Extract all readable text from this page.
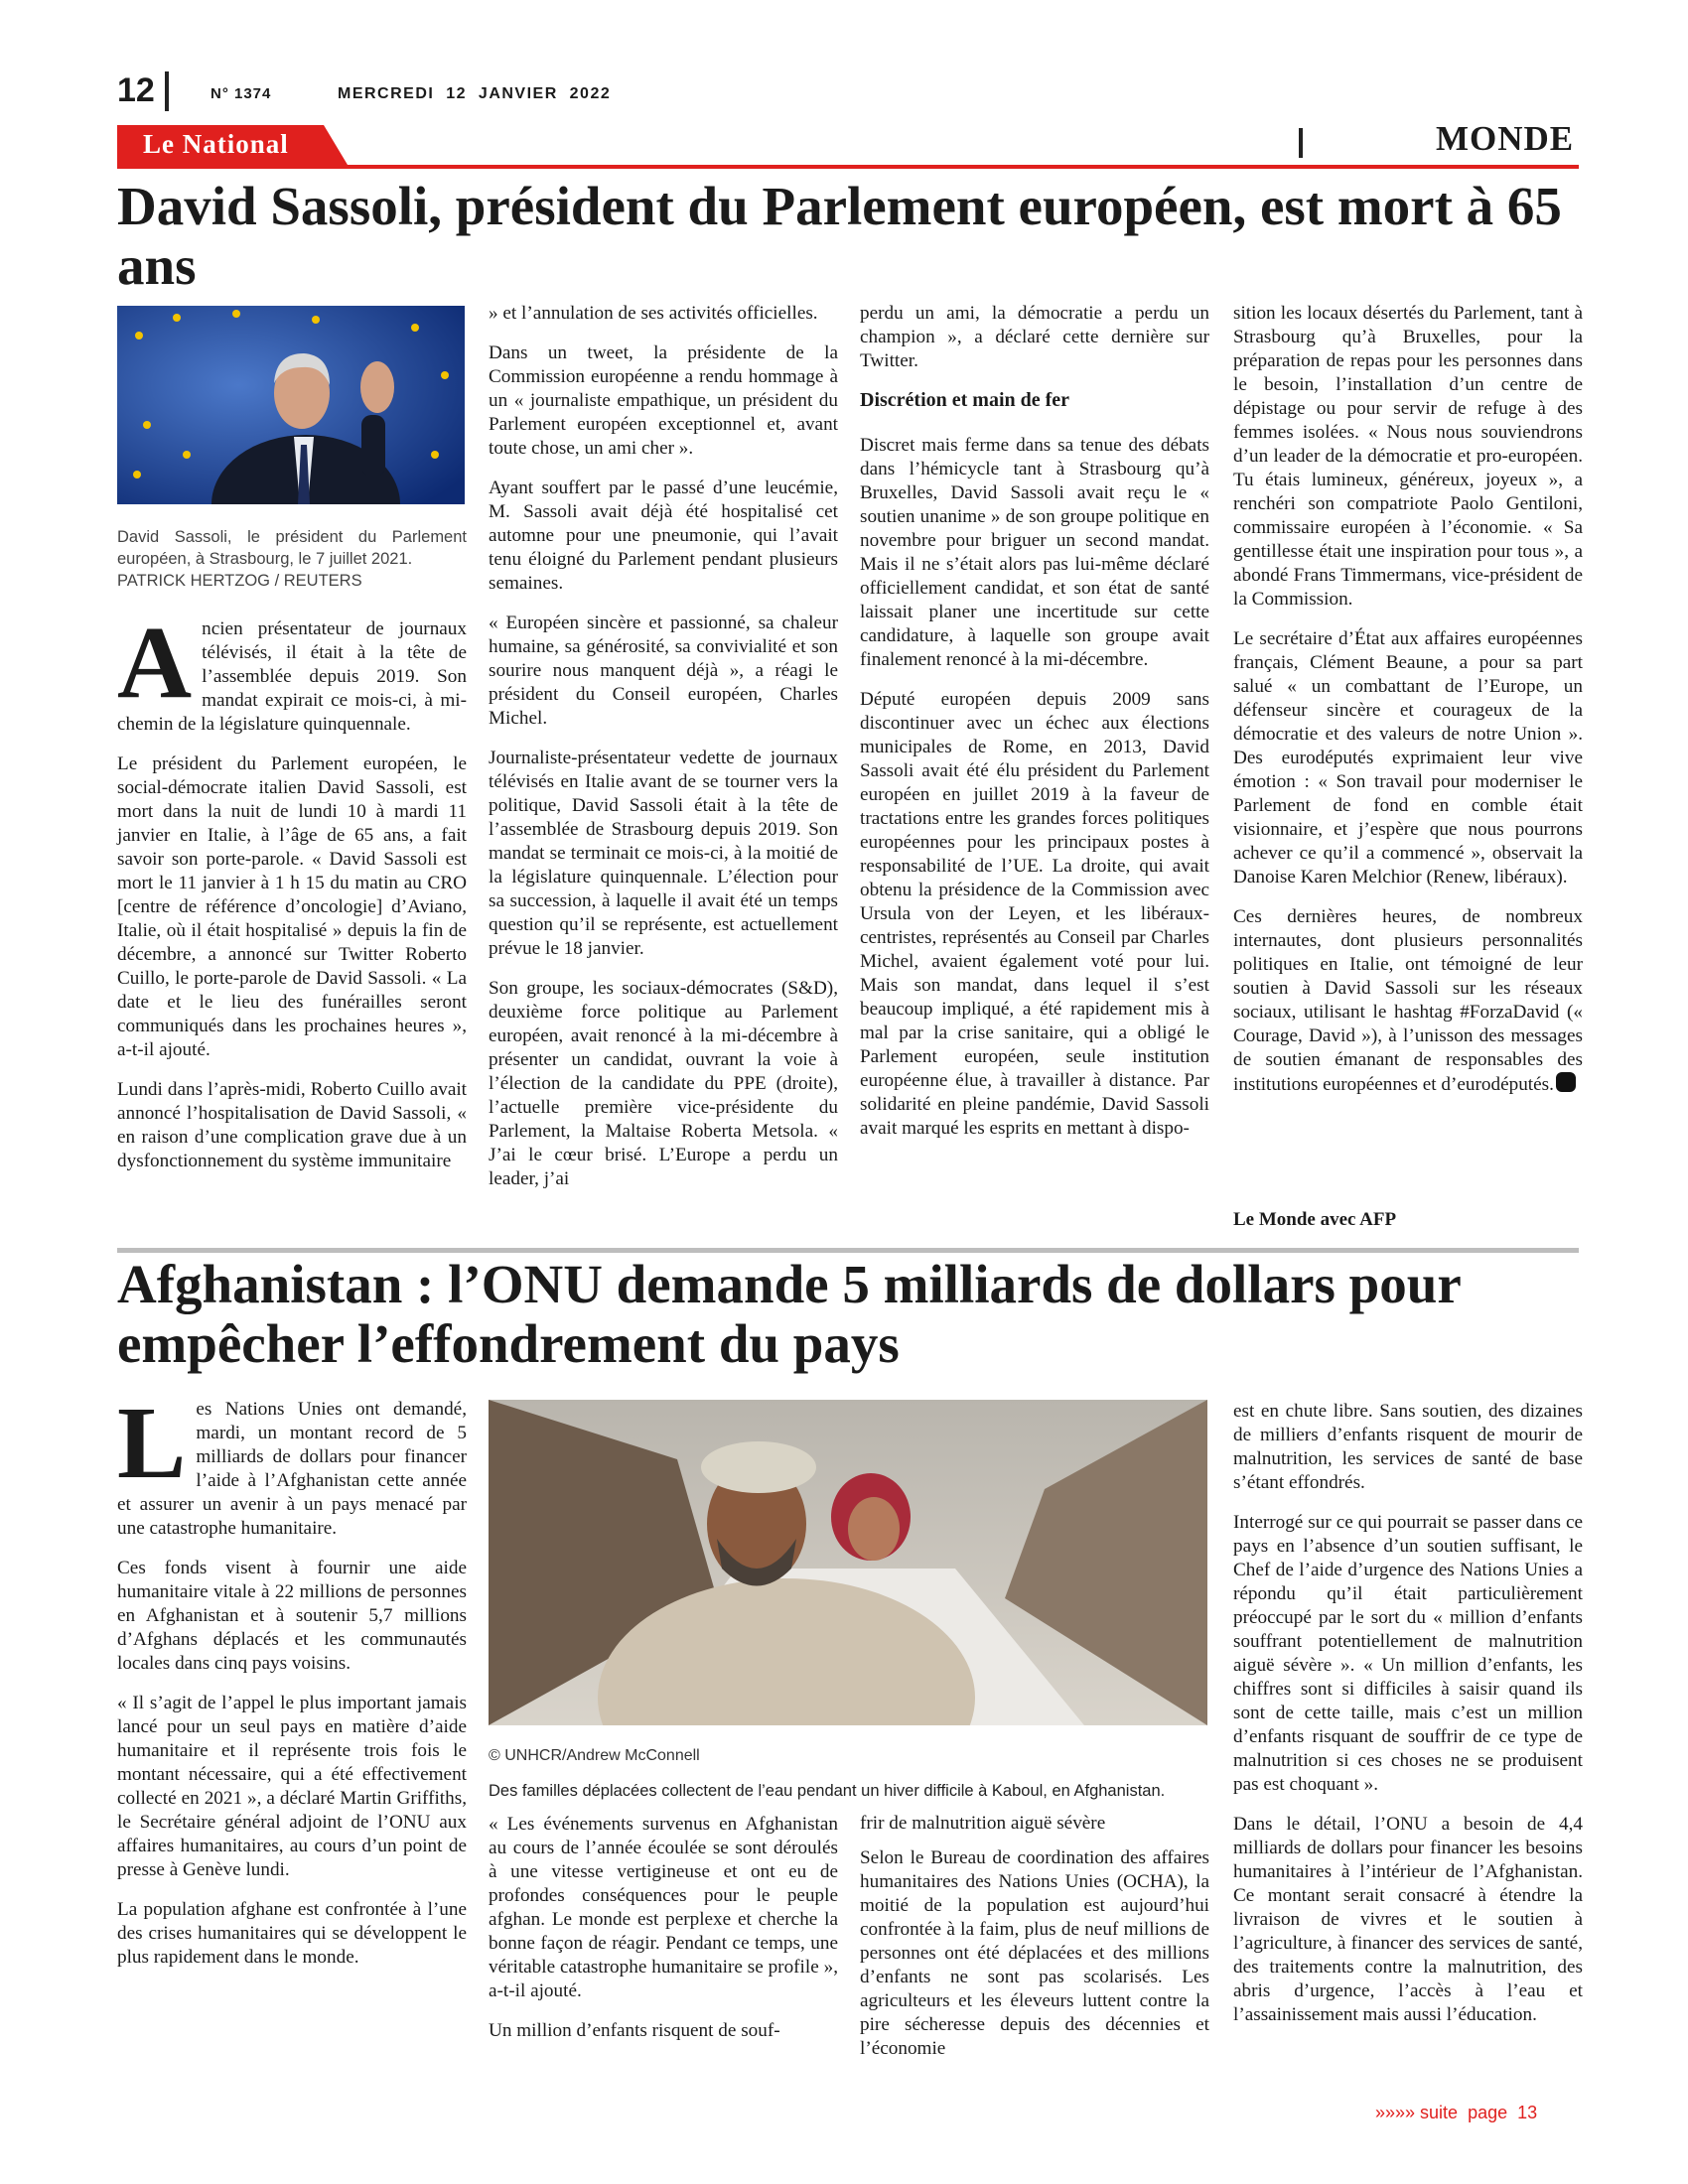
12	N° 1374	MERCREDI  12  JANVIER  2022
Le National	MONDE
David Sassoli, président du Parlement européen, est mort à 65 ans
David Sassoli, le président du Parlement européen, à Strasbourg, le 7 juillet 2021.
PATRICK HERTZOG / REUTERS

Ancien présentateur de journaux télévisés, il était à la tête de l’assemblée depuis 2019. Son mandat expirait ce mois-ci, à mi-chemin de la législature quinquennale.

Le président du Parlement européen, le social-démocrate italien David Sassoli, est mort dans la nuit de lundi 10 à mardi 11 janvier en Italie, à l’âge de 65 ans, a fait savoir son porte-parole. « David Sassoli est mort le 11 janvier à 1 h 15 du matin au CRO [centre de référence d’oncologie] d’Aviano, Italie, où il était hospitalisé » depuis la fin de décembre, a annoncé sur Twitter Roberto Cuillo, le porte-parole de David Sassoli. « La date et le lieu des funérailles seront communiqués dans les prochaines heures », a-t-il ajouté.

Lundi dans l’après-midi, Roberto Cuillo avait annoncé l’hospitalisation de David Sassoli, « en raison d’une complication grave due à un dysfonctionnement du système immunitaire

» et l’annulation de ses activités officielles.

Dans un tweet, la présidente de la Commission européenne a rendu hommage à un « journaliste empathique, un président du Parlement européen exceptionnel et, avant toute chose, un ami cher ».

Ayant souffert par le passé d’une leucémie, M. Sassoli avait déjà été hospitalisé cet automne pour une pneumonie, qui l’avait tenu éloigné du Parlement pendant plusieurs semaines.

« Européen sincère et passionné, sa chaleur humaine, sa générosité, sa convivialité et son sourire nous manquent déjà », a réagi le président du Conseil européen, Charles Michel.

Journaliste-présentateur vedette de journaux télévisés en Italie avant de se tourner vers la politique, David Sassoli était à la tête de l’assemblée de Strasbourg depuis 2019. Son mandat se terminait ce mois-ci, à la moitié de la législature quinquennale. L’élection pour sa succession, à laquelle il avait été un temps question qu’il se représente, est actuellement prévue le 18 janvier.

Son groupe, les sociaux-démocrates (S&D), deuxième force politique au Parlement européen, avait renoncé à la mi-décembre à présenter un candidat, ouvrant la voie à l’élection de la candidate du PPE (droite), l’actuelle première vice-présidente du Parlement, la Maltaise Roberta Metsola. « J’ai le cœur brisé. L’Europe a perdu un leader, j’ai

perdu un ami, la démocratie a perdu un champion », a déclaré cette dernière sur Twitter.

Discrétion et main de fer

Discret mais ferme dans sa tenue des débats dans l’hémicycle tant à Strasbourg qu’à Bruxelles, David Sassoli avait reçu le « soutien unanime » de son groupe politique en novembre pour briguer un second mandat. Mais il ne s’était alors pas lui-même déclaré officiellement candidat, et son état de santé laissait planer une incertitude sur cette candidature, à laquelle son groupe avait finalement renoncé à la mi-décembre.

Député européen depuis 2009 sans discontinuer avec un échec aux élections municipales de Rome, en 2013, David Sassoli avait été élu président du Parlement européen en juillet 2019 à la faveur de tractations entre les grandes forces politiques européennes pour les principaux postes à responsabilité de l’UE. La droite, qui avait obtenu la présidence de la Commission avec Ursula von der Leyen, et les libéraux-centristes, représentés au Conseil par Charles Michel, avaient également voté pour lui. Mais son mandat, dans lequel il s’est beaucoup impliqué, a été rapidement mis à mal par la crise sanitaire, qui a obligé le Parlement européen, seule institution européenne élue, à travailler à distance. Par solidarité en pleine pandémie, David Sassoli avait marqué les esprits en mettant à dispo-

sition les locaux désertés du Parlement, tant à Strasbourg qu’à Bruxelles, pour la préparation de repas pour les personnes dans le besoin, l’installation d’un centre de dépistage ou pour servir de refuge à des femmes isolées. « Nous nous souviendrons d’un leader de la démocratie et pro-européen. Tu étais lumineux, généreux, joyeux », a renchéri son compatriote Paolo Gentiloni, commissaire européen à l’économie. « Sa gentillesse était une inspiration pour tous », a abondé Frans Timmermans, vice-président de la Commission.

Le secrétaire d’État aux affaires européennes français, Clément Beaune, a pour sa part salué « un combattant de l’Europe, un défenseur sincère et courageux de la démocratie et des valeurs de notre Union ». Des eurodéputés exprimaient leur vive émotion : « Son travail pour moderniser le Parlement de fond en comble était visionnaire, et j’espère que nous pourrons achever ce qu’il a commencé », observait la Danoise Karen Melchior (Renew, libéraux).

Ces dernières heures, de nombreux internautes, dont plusieurs personnalités politiques en Italie, ont témoigné de leur soutien à David Sassoli sur les réseaux sociaux, utilisant le hashtag #ForzaDavid (« Courage, David »), à l’unisson des messages de soutien émanant de responsables des institutions européennes et d’eurodéputés.

Le Monde avec AFP
Afghanistan : l’ONU demande 5 milliards de dollars pour empêcher l’effondrement du pays

Les Nations Unies ont demandé, mardi, un montant record de 5 milliards de dollars pour financer l’aide à l’Afghanistan cette année et assurer un avenir à un pays menacé par une catastrophe humanitaire.

Ces fonds visent à fournir une aide humanitaire vitale à 22 millions de personnes en Afghanistan et à soutenir 5,7 millions d’Afghans déplacés et les communautés locales dans cinq pays voisins.

« Il s’agit de l’appel le plus important jamais lancé pour un seul pays en matière d’aide humanitaire et il représente trois fois le montant nécessaire, qui a été effectivement collecté en 2021 », a déclaré Martin Griffiths, le Secrétaire général adjoint de l’ONU aux affaires humanitaires, au cours d’un point de presse à Genève lundi.

La population afghane est confrontée à l’une des crises humanitaires qui se développent le plus rapidement dans le monde.

© UNHCR/Andrew McConnell
Des familles déplacées collectent de l’eau pendant un hiver difficile à Kaboul, en Afghanistan.

« Les événements survenus en Afghanistan au cours de l’année écoulée se sont déroulés à une vitesse vertigineuse et ont eu de profondes conséquences pour le peuple afghan. Le monde est perplexe et cherche la bonne façon de réagir. Pendant ce temps, une véritable catastrophe humanitaire se profile », a-t-il ajouté.

Un million d’enfants risquent de souf-

frir de malnutrition aiguë sévère

Selon le Bureau de coordination des affaires humanitaires des Nations Unies (OCHA), la moitié de la population est aujourd’hui confrontée à la faim, plus de neuf millions de personnes ont été déplacées et des millions d’enfants ne sont pas scolarisés. Les agriculteurs et les éleveurs luttent contre la pire sécheresse depuis des décennies et l’économie

est en chute libre. Sans soutien, des dizaines de milliers d’enfants risquent de mourir de malnutrition, les services de santé de base s’étant effondrés.

Interrogé sur ce qui pourrait se passer dans ce pays en l’absence d’un soutien suffisant, le Chef de l’aide d’urgence des Nations Unies a répondu qu’il était particulièrement préoccupé par le sort du « million d’enfants souffrant potentiellement de malnutrition aiguë sévère ». « Un million d’enfants, les chiffres sont si difficiles à saisir quand ils sont de cette taille, mais c’est un million d’enfants risquant de souffrir de ce type de malnutrition si ces choses ne se produisent pas est choquant ».

Dans le détail, l’ONU a besoin de 4,4 milliards de dollars pour financer les besoins humanitaires à l’intérieur de l’Afghanistan. Ce montant serait consacré à étendre la livraison de vivres et le soutien à l’agriculture, à financer des services de santé, des traitements contre la malnutrition, des abris d’urgence, l’accès à l’eau et l’assainissement mais aussi l’éducation.

»»»» suite  page  13
